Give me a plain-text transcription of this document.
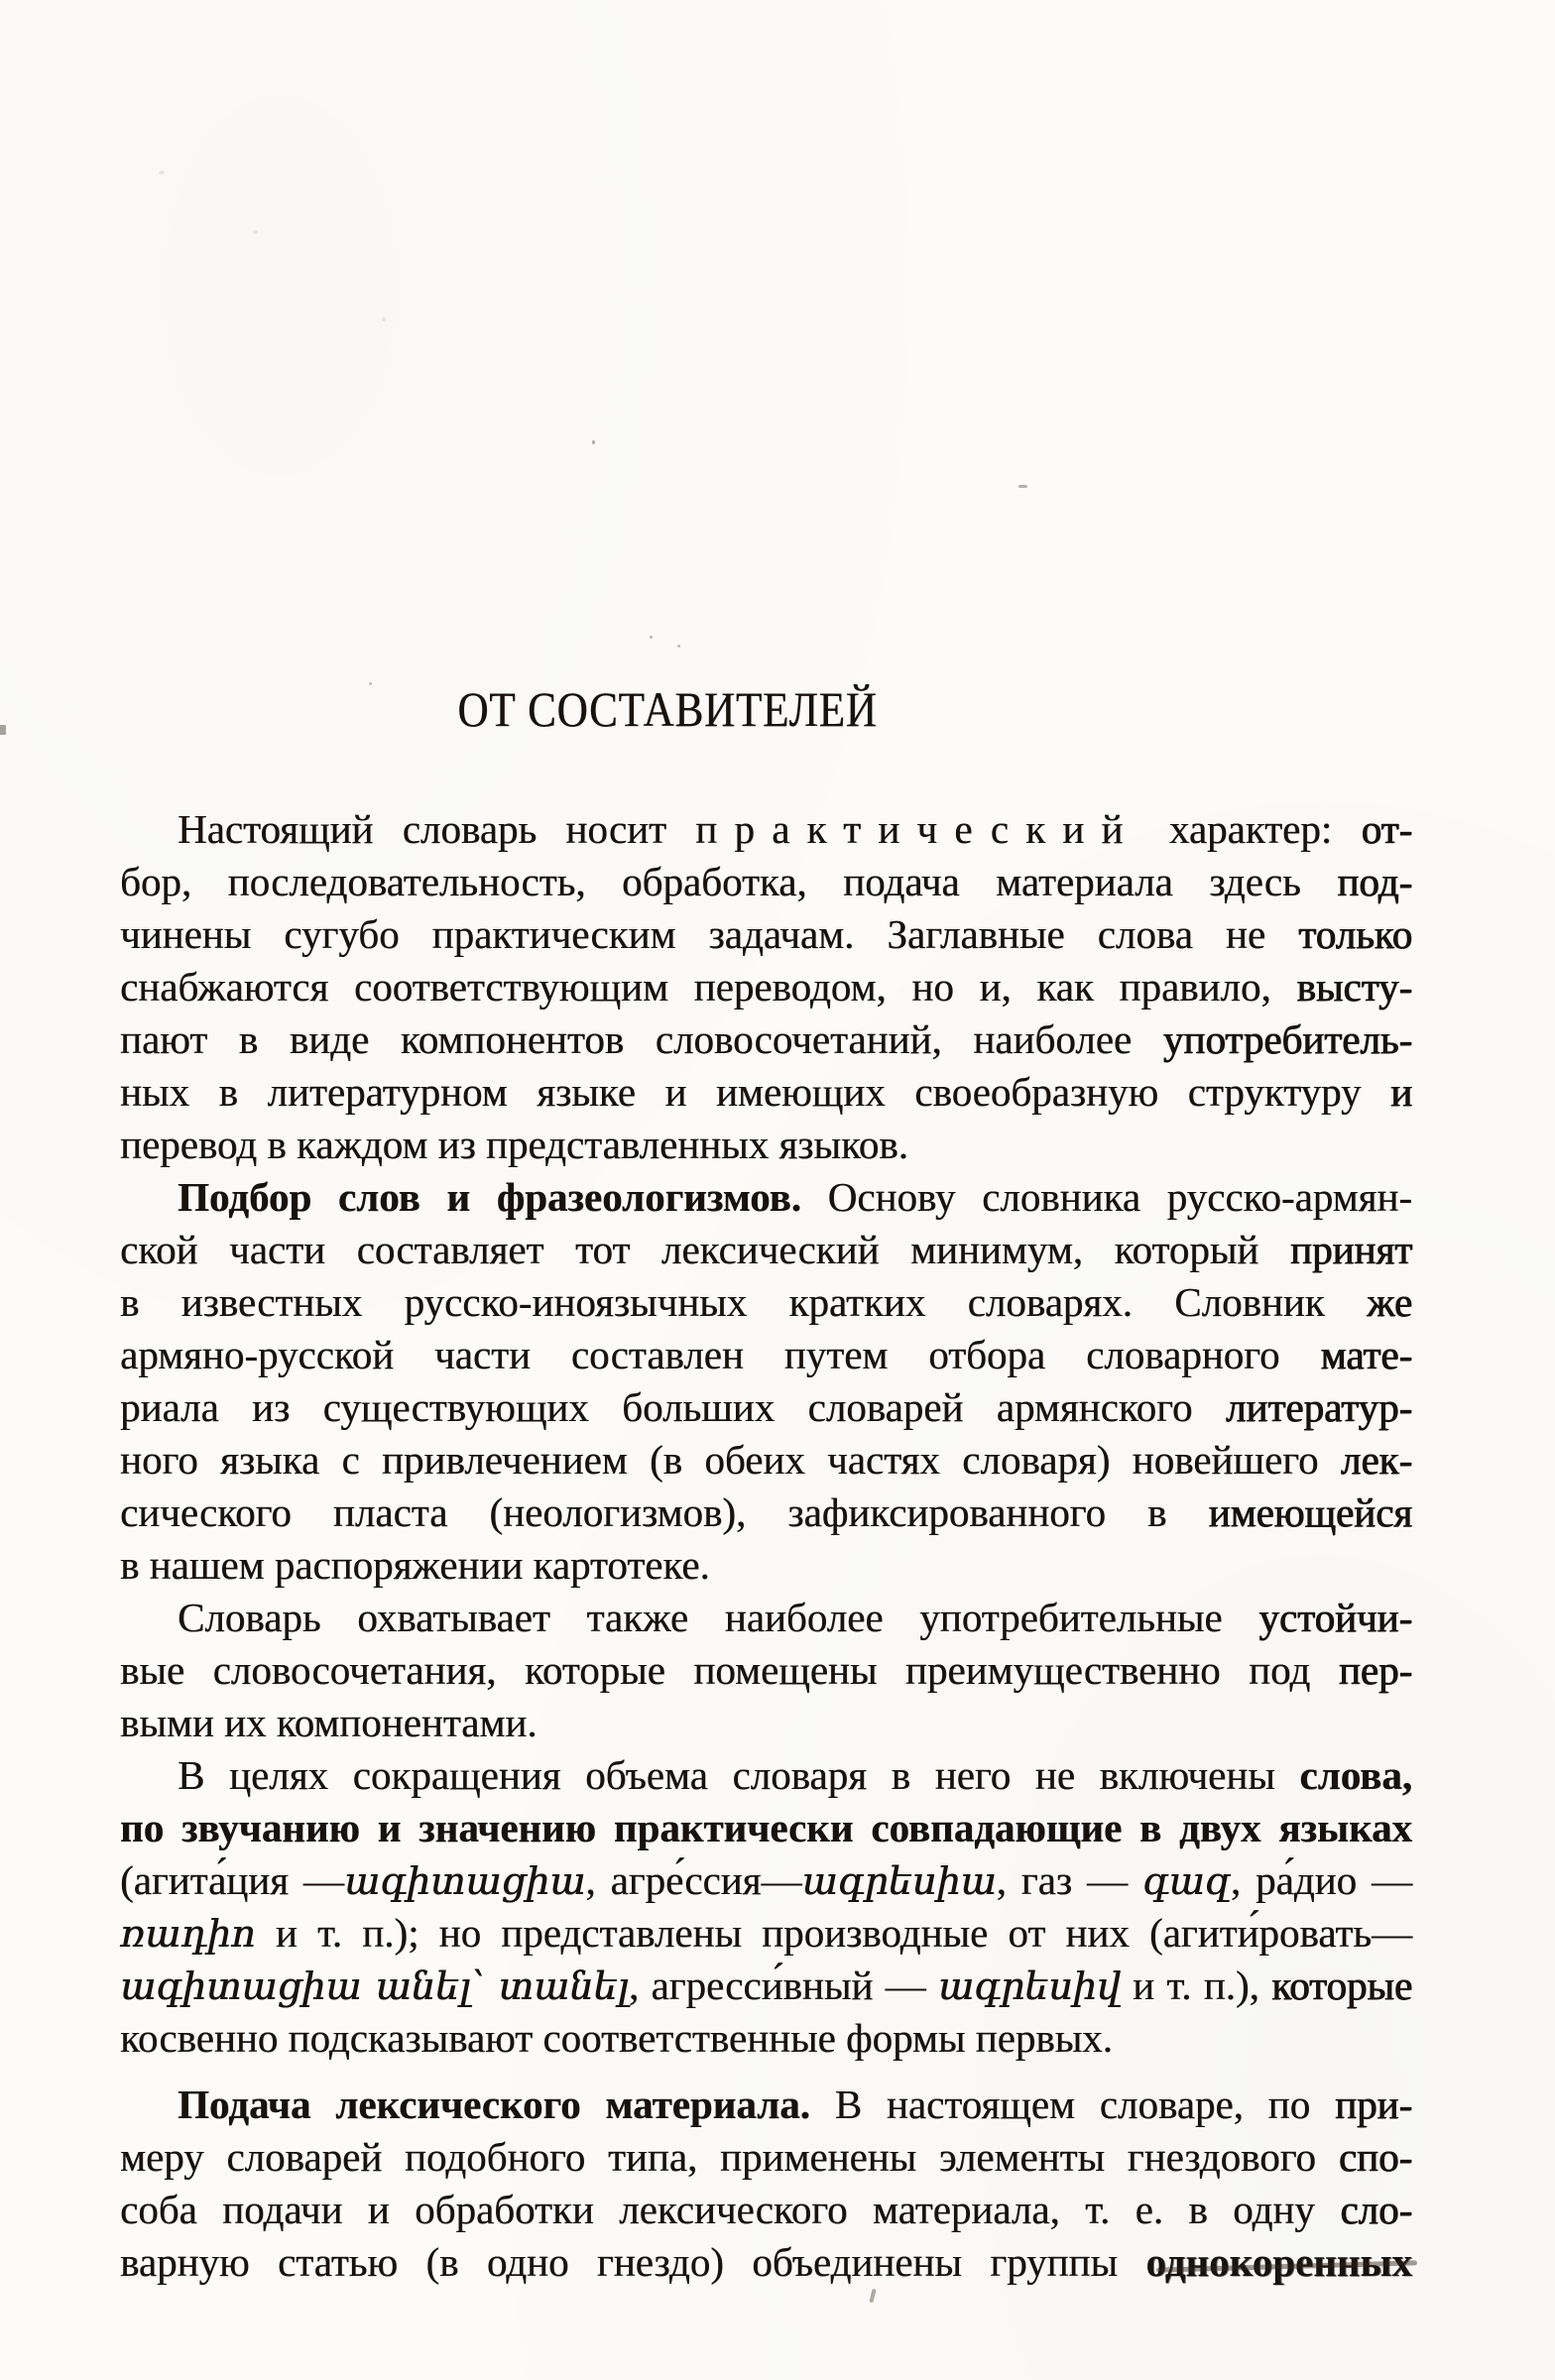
ОТ СОСТАВИТЕЛЕЙ
Настоящий словарь носит практический характер: от-
бор, последовательность, обработка, подача материала здесь под-
чинены сугубо практическим задачам. Заглавные слова не только
снабжаются соответствующим переводом, но и, как правило, высту-
пают в виде компонентов словосочетаний, наиболее употребитель-
ных в литературном языке и имеющих своеобразную структуру и
перевод в каждом из представленных языков.
Подбор слов и фразеологизмов. Основу словника русско-армян-
ской части составляет тот лексический минимум, который принят
в известных русско-иноязычных кратких словарях. Словник же
армяно-русской части составлен путем отбора словарного мате-
риала из существующих больших словарей армянского литератур-
ного языка с привлечением (в обеих частях словаря) новейшего лек-
сического пласта (неологизмов), зафиксированного в имеющейся
в нашем распоряжении картотеке.
Словарь охватывает также наиболее употребительные устойчи-
вые словосочетания, которые помещены преимущественно под пер-
выми их компонентами.
В целях сокращения объема словаря в него не включены слова,
по звучанию и значению практически совпадающие в двух языках
(агита́ция —ագիտացիա, агре́ссия—ագրեսիա, газ — գազ, ра́дио —
ռադիո и т. п.); но представлены производные от них (агити́ровать—
ագիտացիա անել՝ տանել, агресси́вный — ագրեսիվ и т. п.), которые
косвенно подсказывают соответственные формы первых.
Подача лексического материала. В настоящем словаре, по при-
меру словарей подобного типа, применены элементы гнездового спо-
соба подачи и обработки лексического материала, т. е. в одну сло-
варную статью (в одно гнездо) объединены группы однокоренных
